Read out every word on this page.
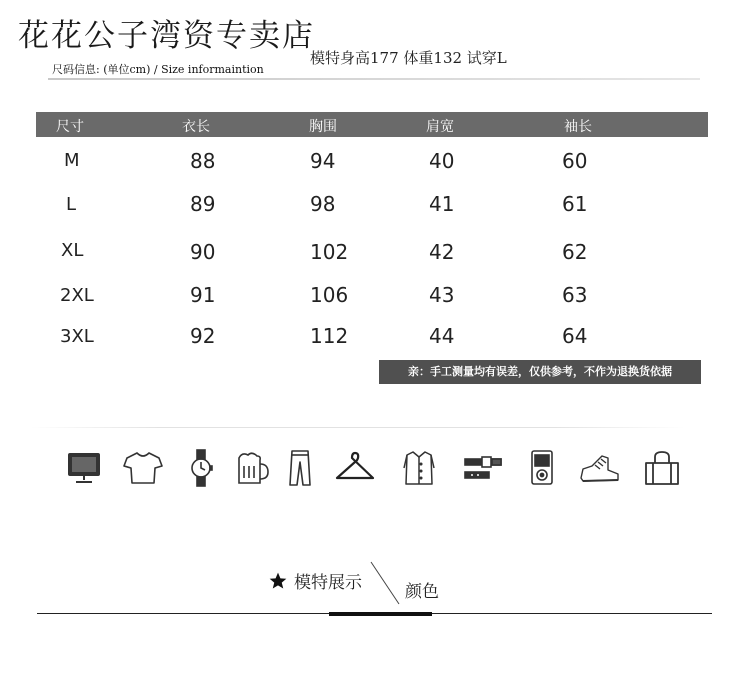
花花公子湾资专卖店
尺码信息: (单位cm) / Size informaintion
模特身高177 体重132 试穿L
尺寸	衣长	胸围	肩宽	袖长
M	88	94	40	60
L	89	98	41	61
XL	90	102	42	62
2XL	91	106	43	63
3XL	92	112	44	64
亲：手工测量均有误差，仅供参考，不作为退换货依据
模特展示	颜色
